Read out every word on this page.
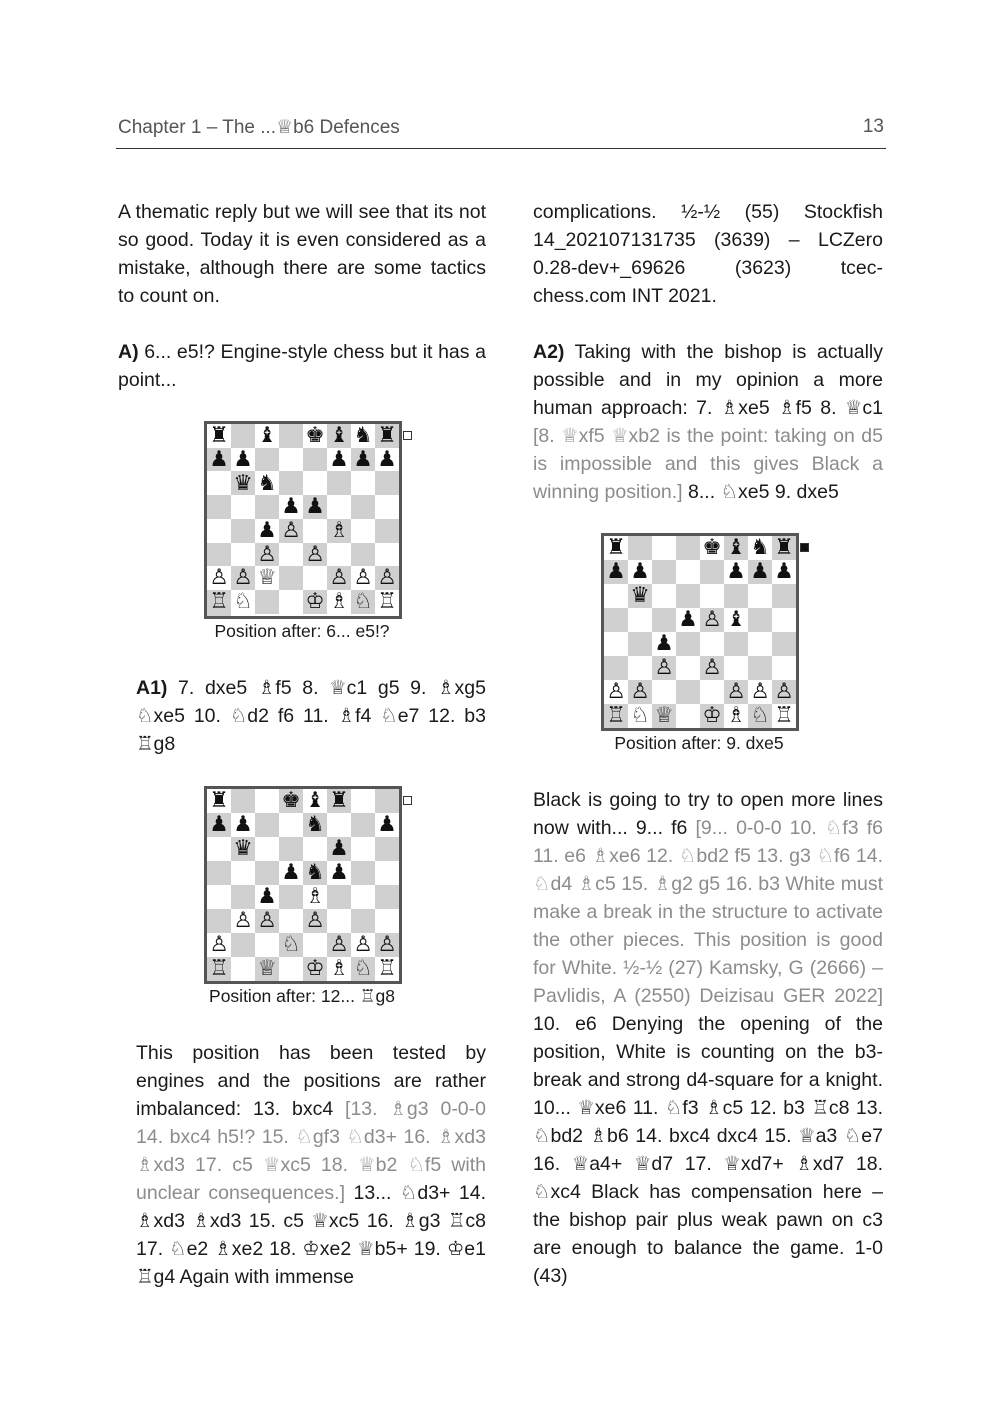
Chapter 1 – The ...♕b6 Defences	13

A thematic reply but we will see that its not so good. Today it is even considered as a mistake, although there are some tactics to count on.

A) 6... e5!? Engine-style chess but it has a point...

♜ ♝ ♚ ♝ ♞ ♜
♟ ♟	♟ ♟ ♟
♛ ♞
♟ ♟
♟ ♙ ♗
♙ ♙
♙ ♙ ♕ ♙ ♙ ♙
♖ ♘ ♔ ♗ ♘ ♖
Position after: 6... e5!?

A1) 7. dxe5 ♗f5 8. ♕c1 g5 9. ♗xg5 ♘xe5 10. ♘d2 f6 11. ♗f4 ♘e7 12. b3 ♖g8

♜ ♚ ♝ ♜
♟ ♟ ♞ ♟
♛	♟
♟ ♞ ♟
♟ ♗
♙ ♙ ♙
♙ ♘ ♙ ♙ ♙
♖ ♕ ♔ ♗ ♘ ♖
Position after: 12... ♖g8

This position has been tested by engines and the positions are rather imbalanced: 13. bxc4 [13. ♗g3 0-0-0 14. bxc4 h5!? 15. ♘gf3 ♘d3+ 16. ♗xd3 ♗xd3 17. c5 ♕xc5 18. ♕b2 ♘f5 with unclear consequences.] 13... ♘d3+ 14. ♗xd3 ♗xd3 15. c5 ♕xc5 16. ♗g3 ♖c8 17. ♘e2 ♗xe2 18. ♔xe2 ♕b5+ 19. ♔e1 ♖g4 Again with immense

complications. ½-½ (55) Stockfish 14_202107131735 (3639) – LCZero 0.28-dev+_69626 (3623) tcec-chess.com INT 2021.

A2) Taking with the bishop is actually possible and in my opinion a more human approach: 7. ♗xe5 ♗f5 8. ♕c1 [8. ♕xf5 ♕xb2 is the point: taking on d5 is impossible and this gives Black a winning position.] 8... ♘xe5 9. dxe5

♜	♚ ♝ ♞ ♜
♟ ♟	♟ ♟ ♟
♛
♟ ♙ ♝
♟
♙ ♙
♙ ♙	♙ ♙ ♙
♖ ♘ ♕ ♔ ♗ ♘ ♖
Position after: 9. dxe5

Black is going to try to open more lines now with... 9... f6 [9... 0-0-0 10. ♘f3 f6 11. e6 ♗xe6 12. ♘bd2 f5 13. g3 ♘f6 14. ♘d4 ♗c5 15. ♗g2 g5 16. b3 White must make a break in the structure to activate the other pieces. This position is good for White. ½-½ (27) Kamsky, G (2666) – Pavlidis, A (2550) Deizisau GER 2022] 10. e6 Denying the opening of the position, White is counting on the b3-break and strong d4-square for a knight. 10... ♕xe6 11. ♘f3 ♗c5 12. b3 ♖c8 13. ♘bd2 ♗b6 14. bxc4 dxc4 15. ♕a3 ♘e7 16. ♕a4+ ♕d7 17. ♕xd7+ ♗xd7 18. ♘xc4 Black has compensation here – the bishop pair plus weak pawn on c3 are enough to balance the game. 1-0 (43)
